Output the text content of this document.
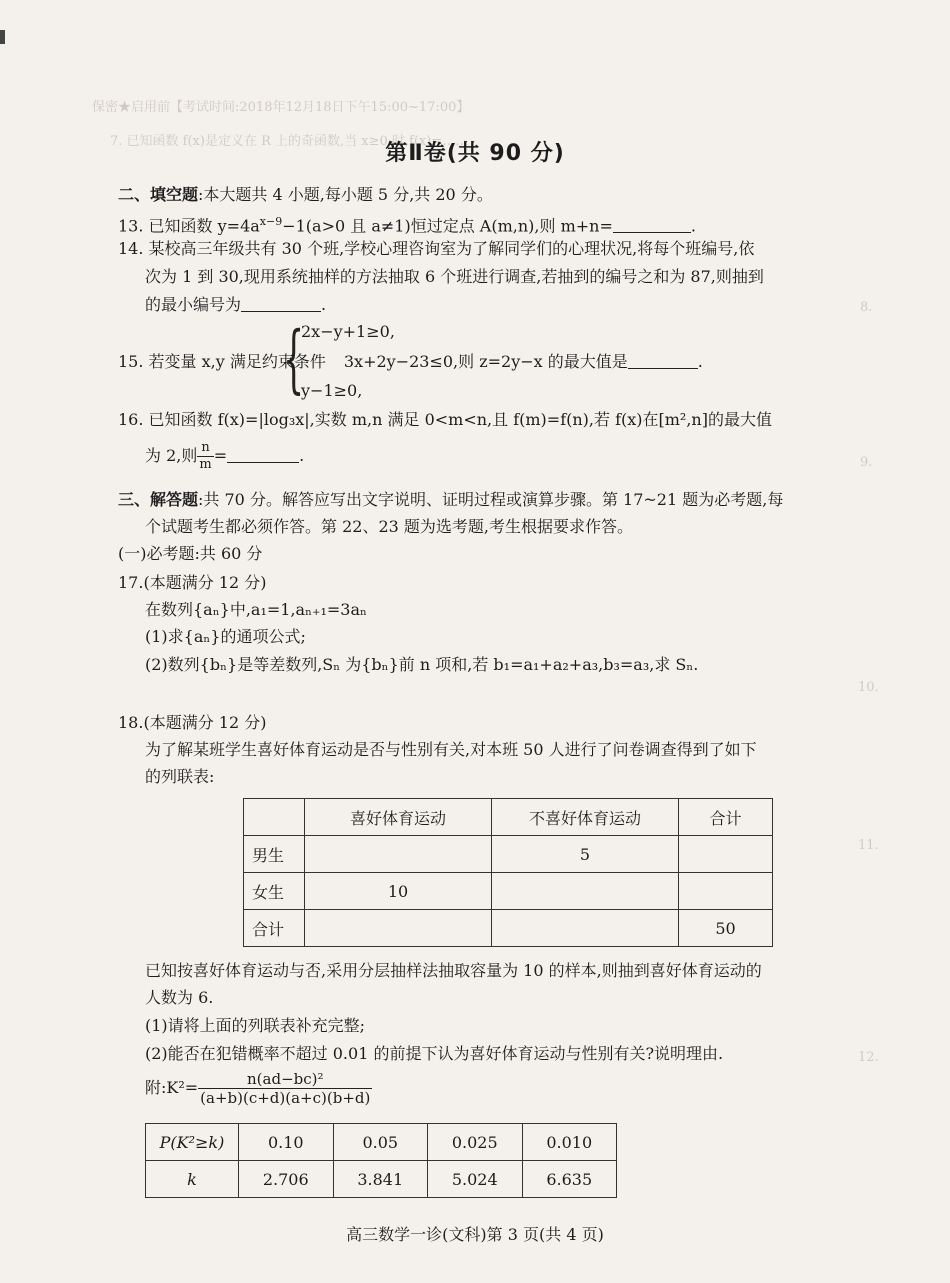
保密★启用前【考试时间:2018年12月18日下午15:00~17:00】
7. 已知函数 f(x)是定义在 R 上的奇函数,当 x≥0 时,f(x)=……
8.
9.
10.
11.
12.
第Ⅱ卷(共 90 分)
二、填空题:本大题共 4 小题,每小题 5 分,共 20 分。
13. 已知函数 $y=4a^{x-9}-1(a>0$ 且 a≠1)恒过定点 A(m,n),则 m+n=	.
14. 某校高三年级共有 30 个班,学校心理咨询室为了解同学们的心理状况,将每个班编号,依
次为 1 到 30,现用系统抽样的方法抽取 6 个班进行调查,若抽到的编号之和为 87,则抽到
的最小编号为	.
{
2x−y+1≥0,
15. 若变量 x,y 满足约束条件 3x+2y−23≤0,则 z=2y−x 的最大值是	.
y−1≥0,
16. 已知函数 f(x)=|log₃x|,实数 m,n 满足 0<m<n,且 f(m)=f(n),若 f(x)在[m²,n]的最大值
为 2,则 $\frac{n}{m}$ =	.
三、解答题:共 70 分。解答应写出文字说明、证明过程或演算步骤。第 17~21 题为必考题,每
个试题考生都必须作答。第 22、23 题为选考题,考生根据要求作答。
(一)必考题:共 60 分
17.(本题满分 12 分)
在数列{aₙ}中,a₁=1,aₙ₊₁=3aₙ
(1)求{aₙ}的通项公式;
(2)数列{bₙ}是等差数列,Sₙ 为{bₙ}前 n 项和,若 b₁=a₁+a₂+a₃,b₃=a₃,求 Sₙ.
18.(本题满分 12 分)
为了解某班学生喜好体育运动是否与性别有关,对本班 50 人进行了问卷调查得到了如下
的列联表:
	喜好体育运动	不喜好体育运动	合计
男生		5	
女生	10		
合计			50
已知按喜好体育运动与否,采用分层抽样法抽取容量为 10 的样本,则抽到喜好体育运动的
人数为 6.
(1)请将上面的列联表补充完整;
(2)能否在犯错概率不超过 0.01 的前提下认为喜好体育运动与性别有关?说明理由.
附:K²= $\frac{\text{n(ad−bc)²}}{(a+b)(c+d)(a+c)(b+d)}$
P(K²≥k)	0.10	0.05	0.025	0.010
k	2.706	3.841	5.024	6.635
高三数学一诊(文科)第 3 页(共 4 页)
